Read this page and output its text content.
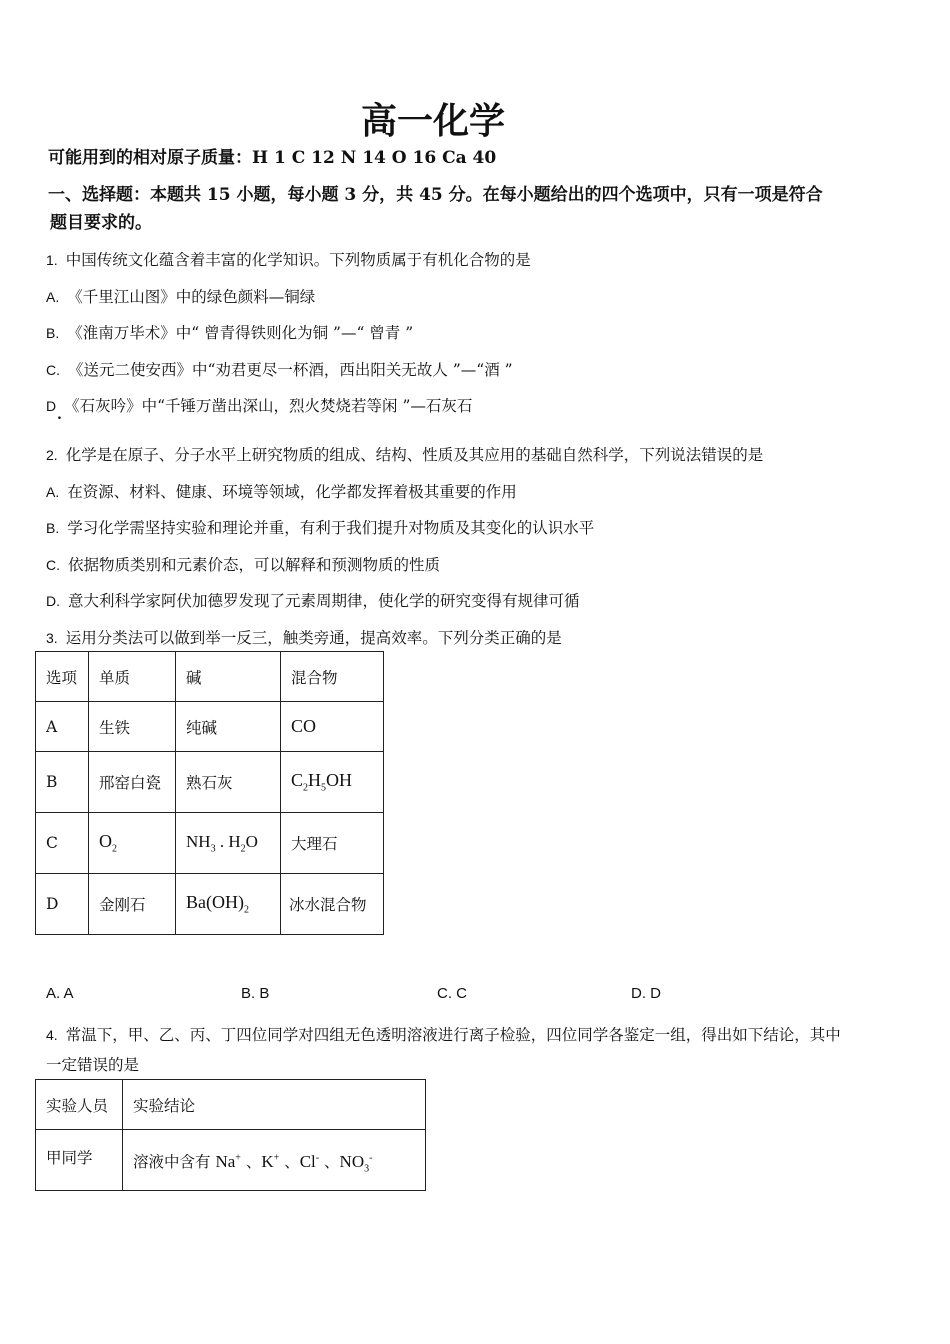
高一化学
可能用到的相对原子质量：H 1 C 12 N 14 O 16 Ca 40
一、选择题：本题共 15 小题，每小题 3 分，共 45 分。在每小题给出的四个选项中，只有一项是符合
题目要求的。
1. 中国传统文化蕴含着丰富的化学知识。下列物质属于有机化合物的是
A. 《千里江山图》中的绿色颜料—铜绿
B. 《淮南万毕术》中“ 曾青得铁则化为铜 ”—“ 曾青 ”
C. 《送元二使安西》中“劝君更尽一杯酒，西出阳关无故人 ”—“酒 ”
D 《石灰吟》中“千锤万凿出深山，烈火焚烧若等闲 ”—石灰石
.
2. 化学是在原子、分子水平上研究物质的组成、结构、性质及其应用的基础自然科学，下列说法错误的是
A. 在资源、材料、健康、环境等领域，化学都发挥着极其重要的作用
B. 学习化学需坚持实验和理论并重，有利于我们提升对物质及其变化的认识水平
C. 依据物质类别和元素价态，可以解释和预测物质的性质
D. 意大利科学家阿伏加德罗发现了元素周期律，使化学的研究变得有规律可循
3. 运用分类法可以做到举一反三，触类旁通，提高效率。下列分类正确的是
选项	单质	碱	混合物
A	生铁	纯碱	CO
B	邢窑白瓷	熟石灰	$C_2H_5OH$
C	$O_2$	$NH_3$ . $H_2O$	大理石
D	金刚石	$Ba(OH)_2$	冰水混合物
A. A	B. B	C. C	D. D
4. 常温下，甲、乙、丙、丁四位同学对四组无色透明溶液进行离子检验，四位同学各鉴定一组，得出如下结论，其中
一定错误的是
实验人员	实验结论
甲同学	溶液中含有 Na+ 、K+ 、Cl- 、$NO_3^-$
